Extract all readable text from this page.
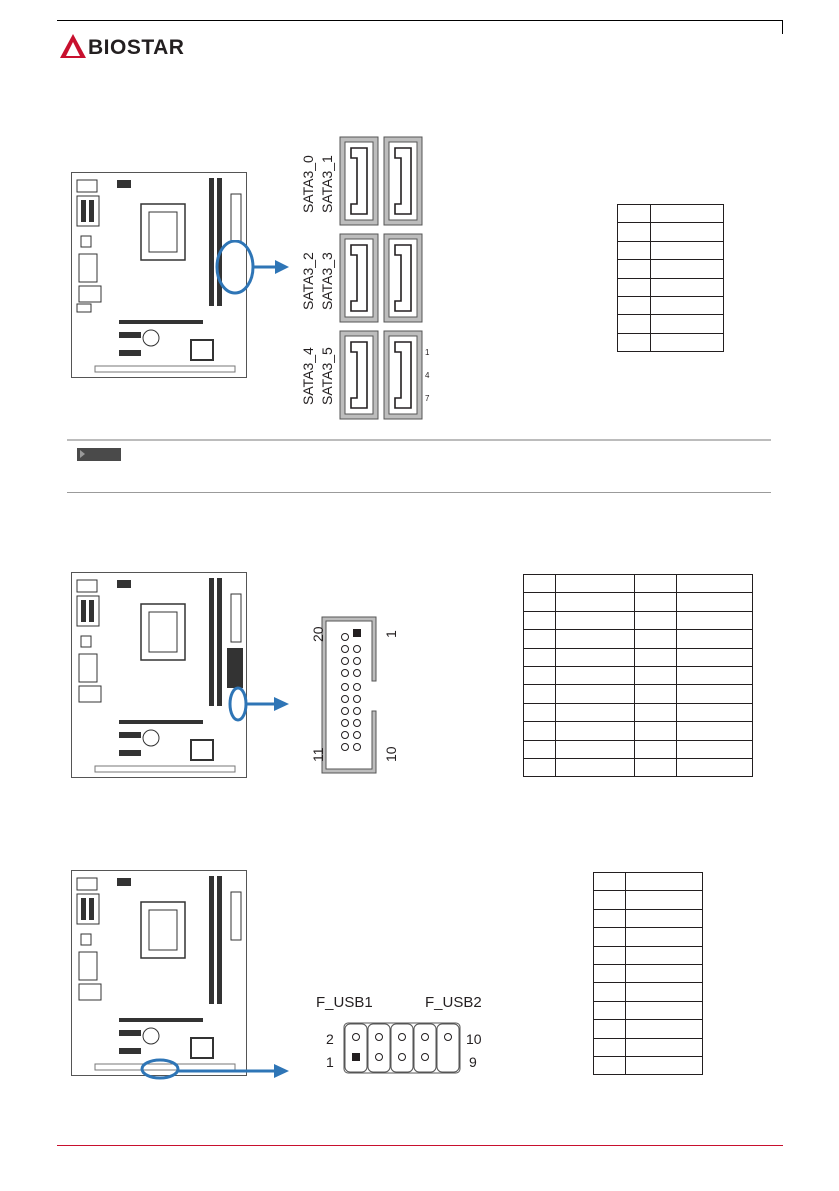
BIOSTAR
SATA3_0 SATA3_1
SATA3_2 SATA3_3
SATA3_4 SATA3_5	1
4
7

20	1
11	10

F_USB1	F_USB2
2
1
10
9
